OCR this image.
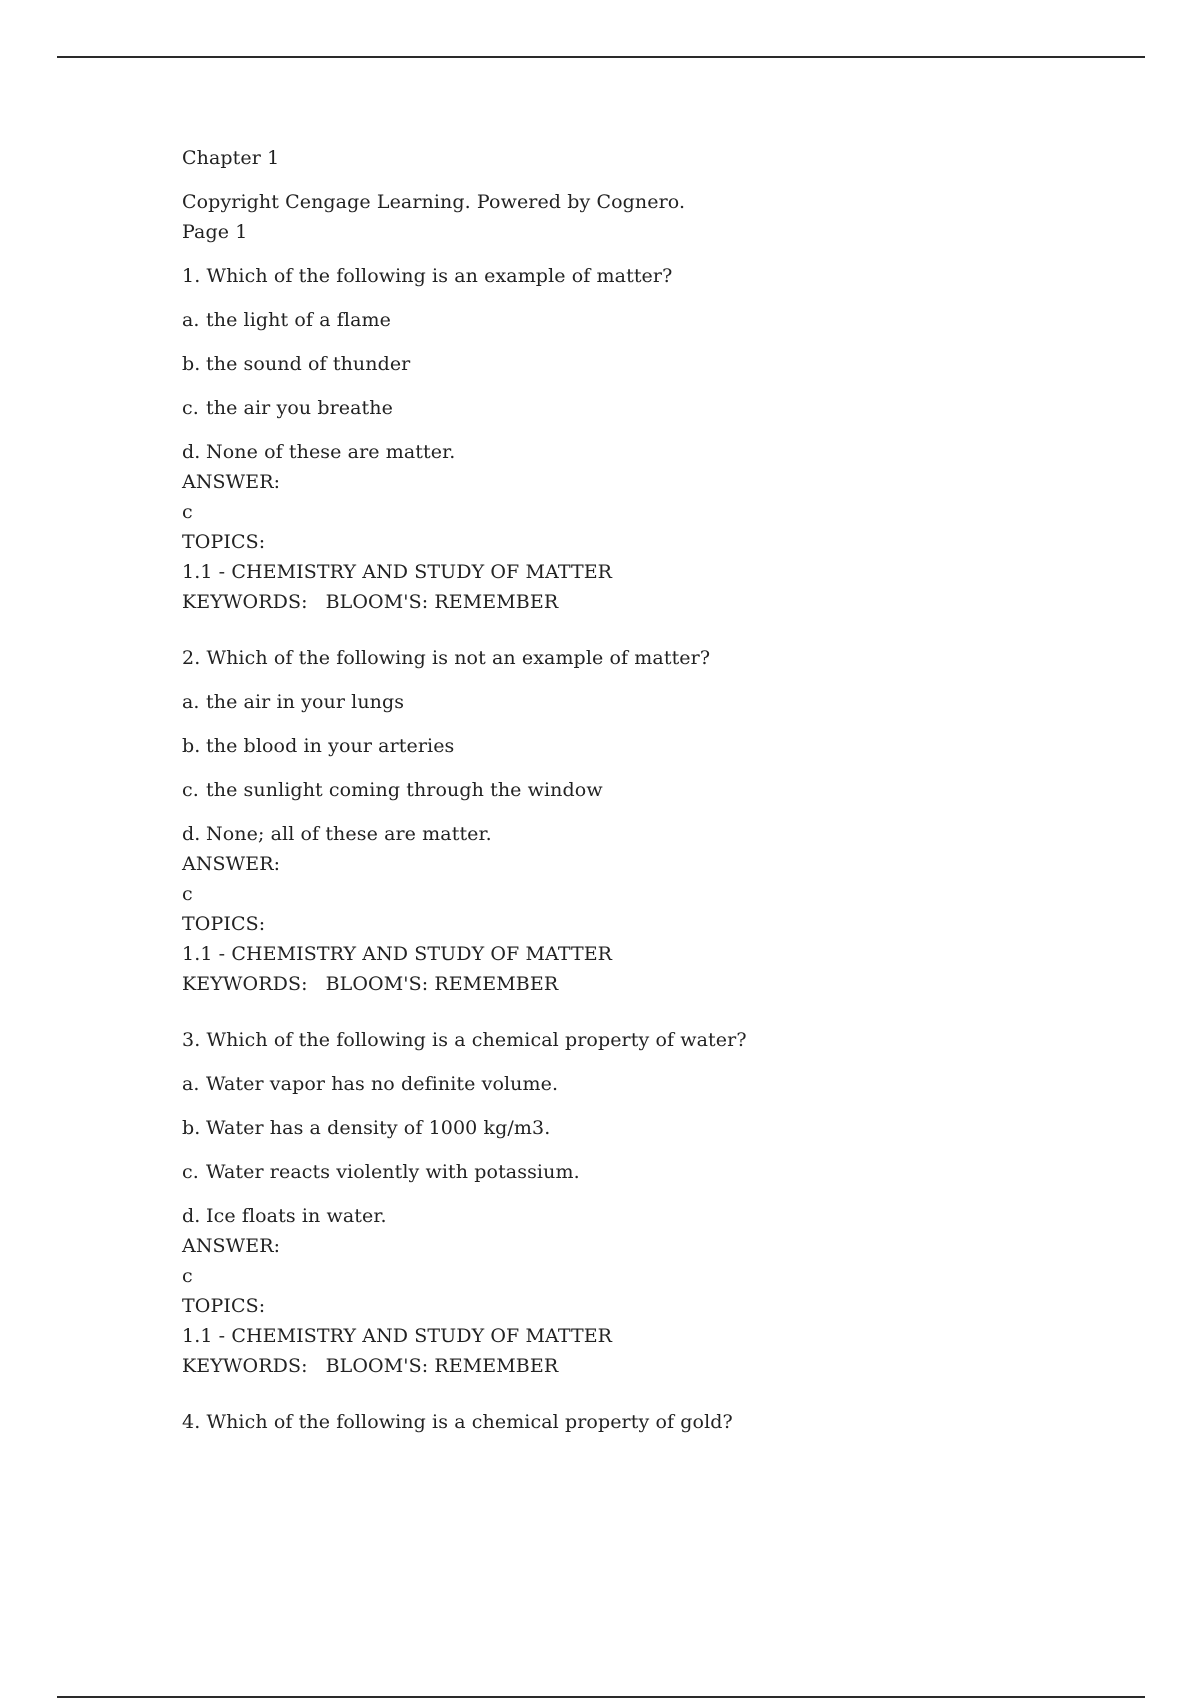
Chapter 1

Copyright Cengage Learning. Powered by Cognero.
Page 1

1. Which of the following is an example of matter?

a. the light of a flame

b. the sound of thunder

c. the air you breathe

d. None of these are matter.

ANSWER:

c

TOPICS:

1.1 - CHEMISTRY AND STUDY OF MATTER

KEYWORDS: BLOOM'S: REMEMBER

2. Which of the following is not an example of matter?

a. the air in your lungs

b. the blood in your arteries

c. the sunlight coming through the window

d. None; all of these are matter.

ANSWER:

c

TOPICS:

1.1 - CHEMISTRY AND STUDY OF MATTER

KEYWORDS: BLOOM'S: REMEMBER

3. Which of the following is a chemical property of water?

a. Water vapor has no definite volume.

b. Water has a density of 1000 kg/m3.

c. Water reacts violently with potassium.

d. Ice floats in water.

ANSWER:

c

TOPICS:

1.1 - CHEMISTRY AND STUDY OF MATTER

KEYWORDS: BLOOM'S: REMEMBER

4. Which of the following is a chemical property of gold?
